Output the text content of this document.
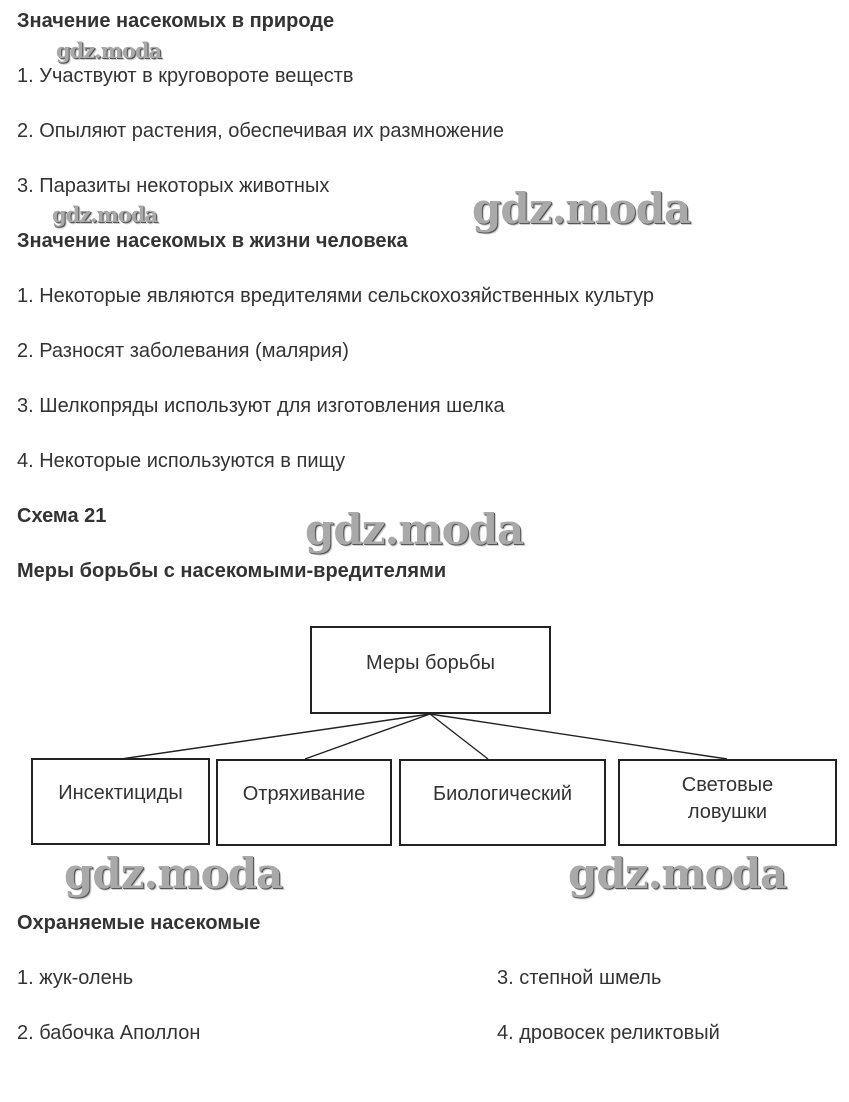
Значение насекомых в природе
1. Участвуют в круговороте веществ
2. Опыляют растения, обеспечивая их размножение
3. Паразиты некоторых животных
Значение насекомых в жизни человека
1. Некоторые являются вредителями сельскохозяйственных культур
2. Разносят заболевания (малярия)
3. Шелкопряды используют для изготовления шелка
4. Некоторые используются в пищу
Схема 21
Меры борьбы с насекомыми-вредителями
Меры борьбы
Инсектициды	Отряхивание	Биологический	Световые
ловушки
Охраняемые насекомые
1. жук-олень
2. бабочка Аполлон
3. степной шмель
4. дровосек реликтовый
gdz.moda
gdz.moda	gdz.moda
gdz.moda
gdz.moda	gdz.moda
